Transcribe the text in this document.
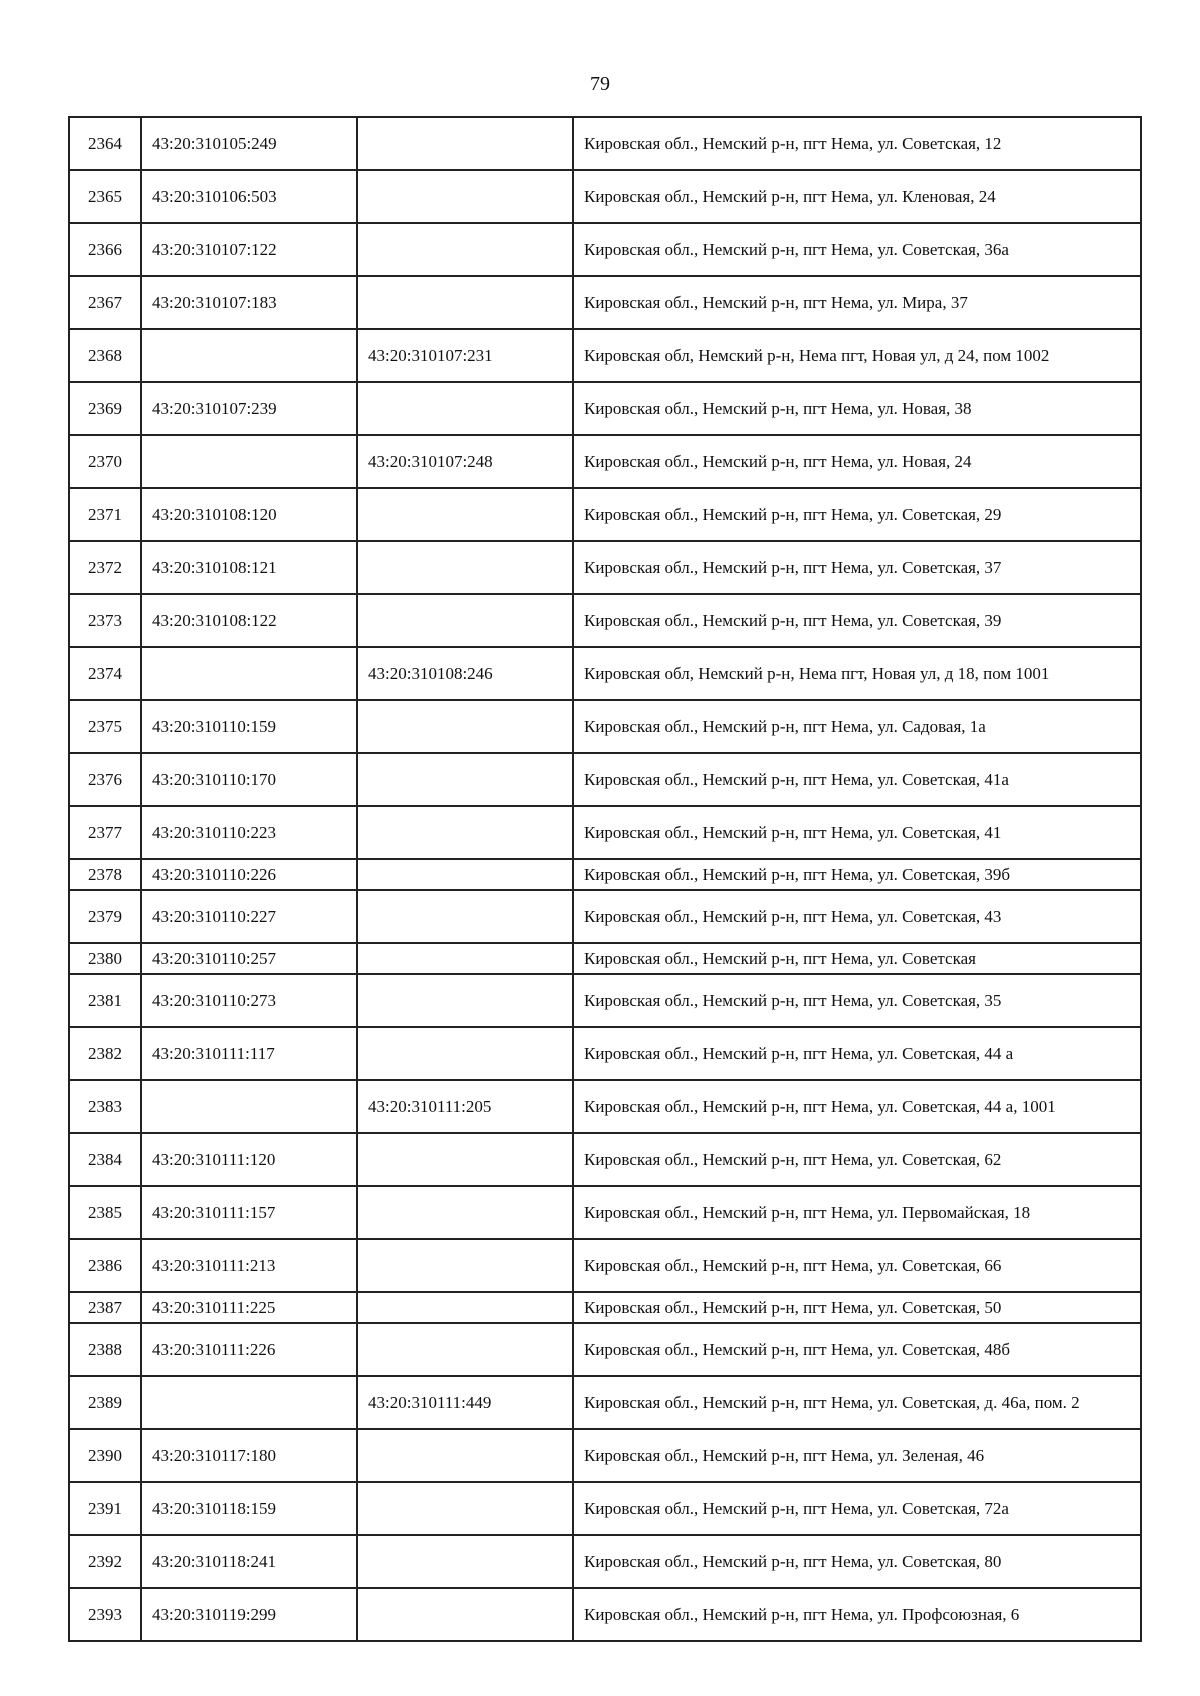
79
2364	43:20:310105:249		Кировская обл., Немский р-н, пгт Нема, ул. Советская, 12
2365	43:20:310106:503		Кировская обл., Немский р-н, пгт Нема, ул. Кленовая, 24
2366	43:20:310107:122		Кировская обл., Немский р-н, пгт Нема, ул. Советская, 36а
2367	43:20:310107:183		Кировская обл., Немский р-н, пгт Нема, ул. Мира, 37
2368		43:20:310107:231	Кировская обл, Немский р-н, Нема пгт, Новая ул, д 24, пом 1002
2369	43:20:310107:239		Кировская обл., Немский р-н, пгт Нема, ул. Новая, 38
2370		43:20:310107:248	Кировская обл., Немский р-н, пгт Нема, ул. Новая, 24
2371	43:20:310108:120		Кировская обл., Немский р-н, пгт Нема, ул. Советская, 29
2372	43:20:310108:121		Кировская обл., Немский р-н, пгт Нема, ул. Советская, 37
2373	43:20:310108:122		Кировская обл., Немский р-н, пгт Нема, ул. Советская, 39
2374		43:20:310108:246	Кировская обл, Немский р-н, Нема пгт, Новая ул, д 18, пом 1001
2375	43:20:310110:159		Кировская обл., Немский р-н, пгт Нема, ул. Садовая, 1а
2376	43:20:310110:170		Кировская обл., Немский р-н, пгт Нема, ул. Советская, 41а
2377	43:20:310110:223		Кировская обл., Немский р-н, пгт Нема, ул. Советская, 41
2378	43:20:310110:226		Кировская обл., Немский р-н, пгт Нема, ул. Советская, 39б
2379	43:20:310110:227		Кировская обл., Немский р-н, пгт Нема, ул. Советская, 43
2380	43:20:310110:257		Кировская обл., Немский р-н, пгт Нема, ул. Советская
2381	43:20:310110:273		Кировская обл., Немский р-н, пгт Нема, ул. Советская, 35
2382	43:20:310111:117		Кировская обл., Немский р-н, пгт Нема, ул. Советская, 44 а
2383		43:20:310111:205	Кировская обл., Немский р-н, пгт Нема, ул. Советская, 44 а, 1001
2384	43:20:310111:120		Кировская обл., Немский р-н, пгт Нема, ул. Советская, 62
2385	43:20:310111:157		Кировская обл., Немский р-н, пгт Нема, ул. Первомайская, 18
2386	43:20:310111:213		Кировская обл., Немский р-н, пгт Нема, ул. Советская, 66
2387	43:20:310111:225		Кировская обл., Немский р-н, пгт Нема, ул. Советская, 50
2388	43:20:310111:226		Кировская обл., Немский р-н, пгт Нема, ул. Советская, 48б
2389		43:20:310111:449	Кировская обл., Немский р-н, пгт Нема, ул. Советская, д. 46а, пом. 2
2390	43:20:310117:180		Кировская обл., Немский р-н, пгт Нема, ул. Зеленая, 46
2391	43:20:310118:159		Кировская обл., Немский р-н, пгт Нема, ул. Советская, 72а
2392	43:20:310118:241		Кировская обл., Немский р-н, пгт Нема, ул. Советская, 80
2393	43:20:310119:299		Кировская обл., Немский р-н, пгт Нема, ул. Профсоюзная, 6
